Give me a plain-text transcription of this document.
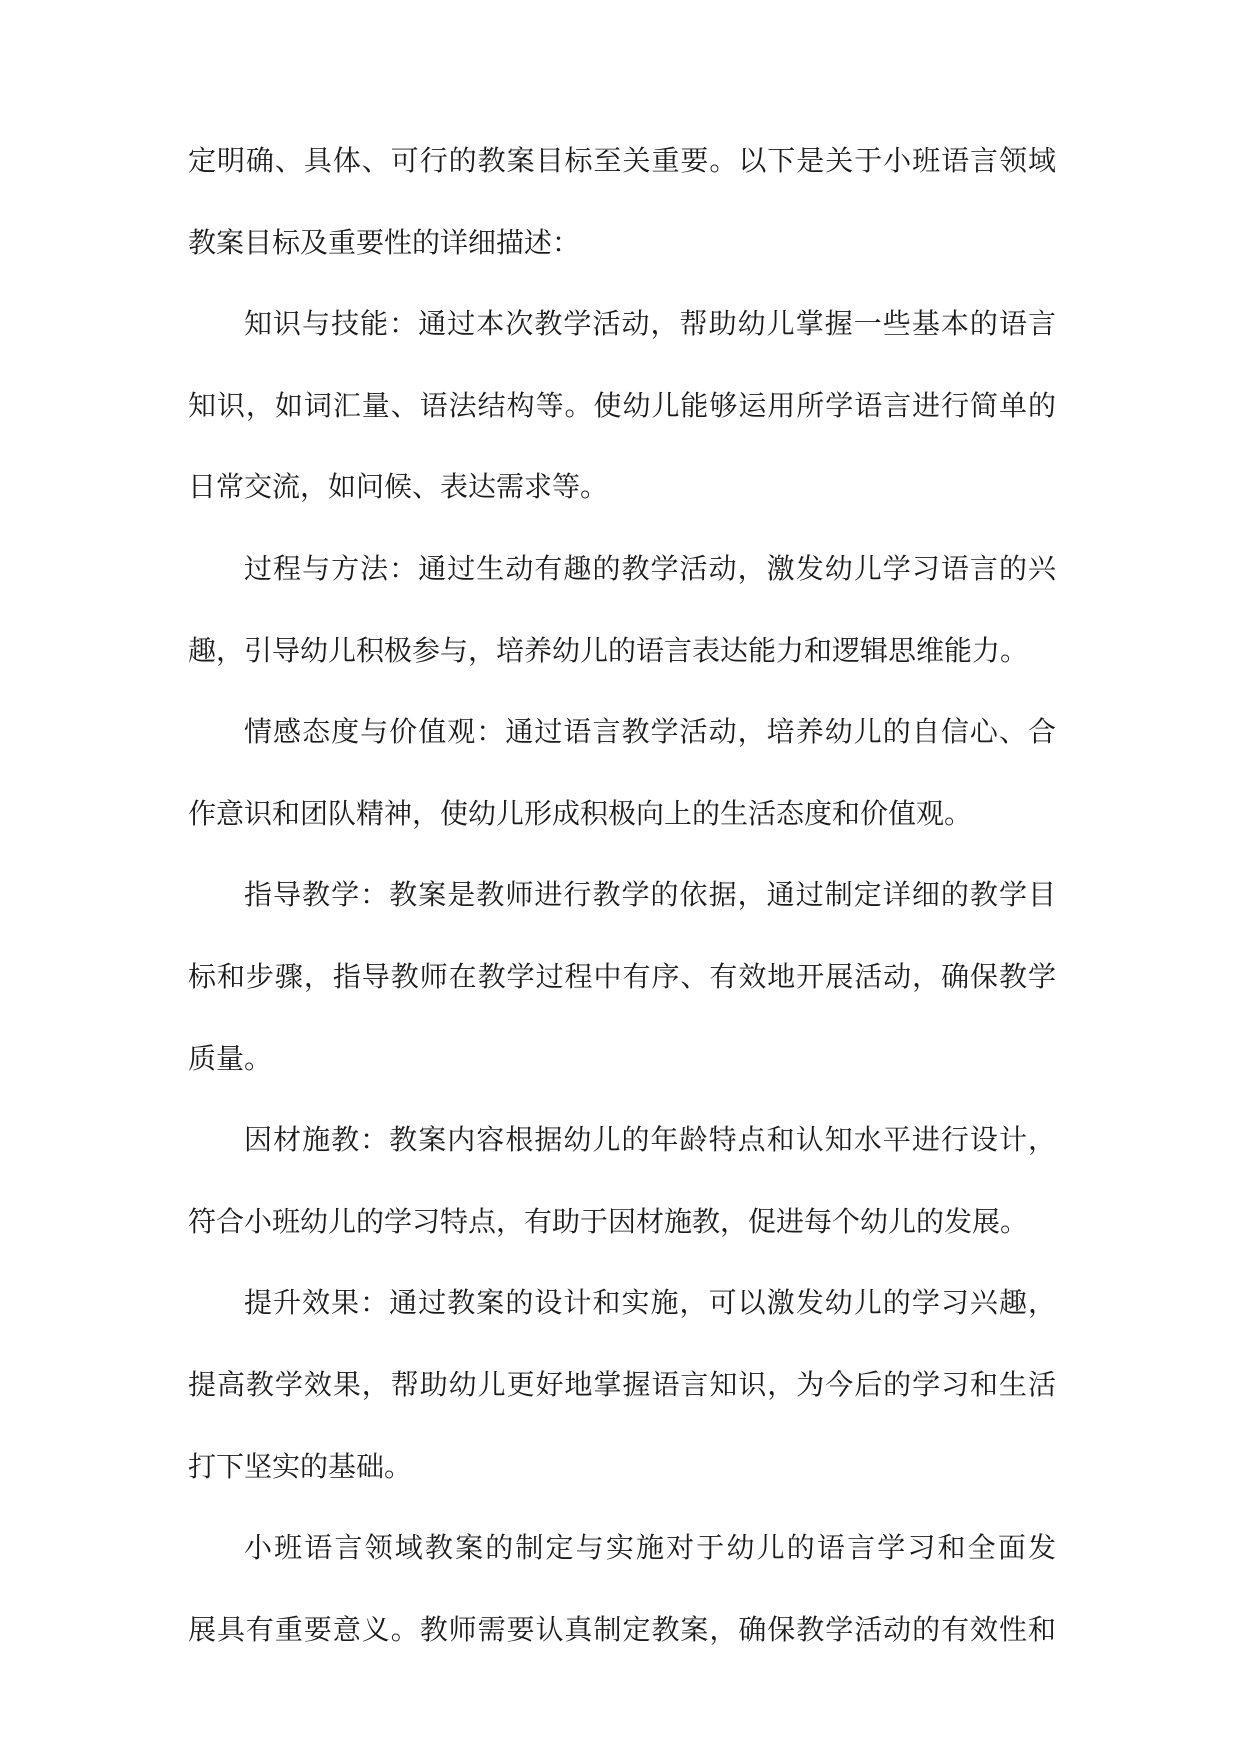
定明确、具体、可行的教案目标至关重要。以下是关于小班语言领域
教案目标及重要性的详细描述：
知识与技能：通过本次教学活动，帮助幼儿掌握一些基本的语言
知识，如词汇量、语法结构等。使幼儿能够运用所学语言进行简单的
日常交流，如问候、表达需求等。
过程与方法：通过生动有趣的教学活动，激发幼儿学习语言的兴
趣，引导幼儿积极参与，培养幼儿的语言表达能力和逻辑思维能力。
情感态度与价值观：通过语言教学活动，培养幼儿的自信心、合
作意识和团队精神，使幼儿形成积极向上的生活态度和价值观。
指导教学：教案是教师进行教学的依据，通过制定详细的教学目
标和步骤，指导教师在教学过程中有序、有效地开展活动，确保教学
质量。
因材施教：教案内容根据幼儿的年龄特点和认知水平进行设计，
符合小班幼儿的学习特点，有助于因材施教，促进每个幼儿的发展。
提升效果：通过教案的设计和实施，可以激发幼儿的学习兴趣，
提高教学效果，帮助幼儿更好地掌握语言知识，为今后的学习和生活
打下坚实的基础。
小班语言领域教案的制定与实施对于幼儿的语言学习和全面发
展具有重要意义。教师需要认真制定教案，确保教学活动的有效性和
